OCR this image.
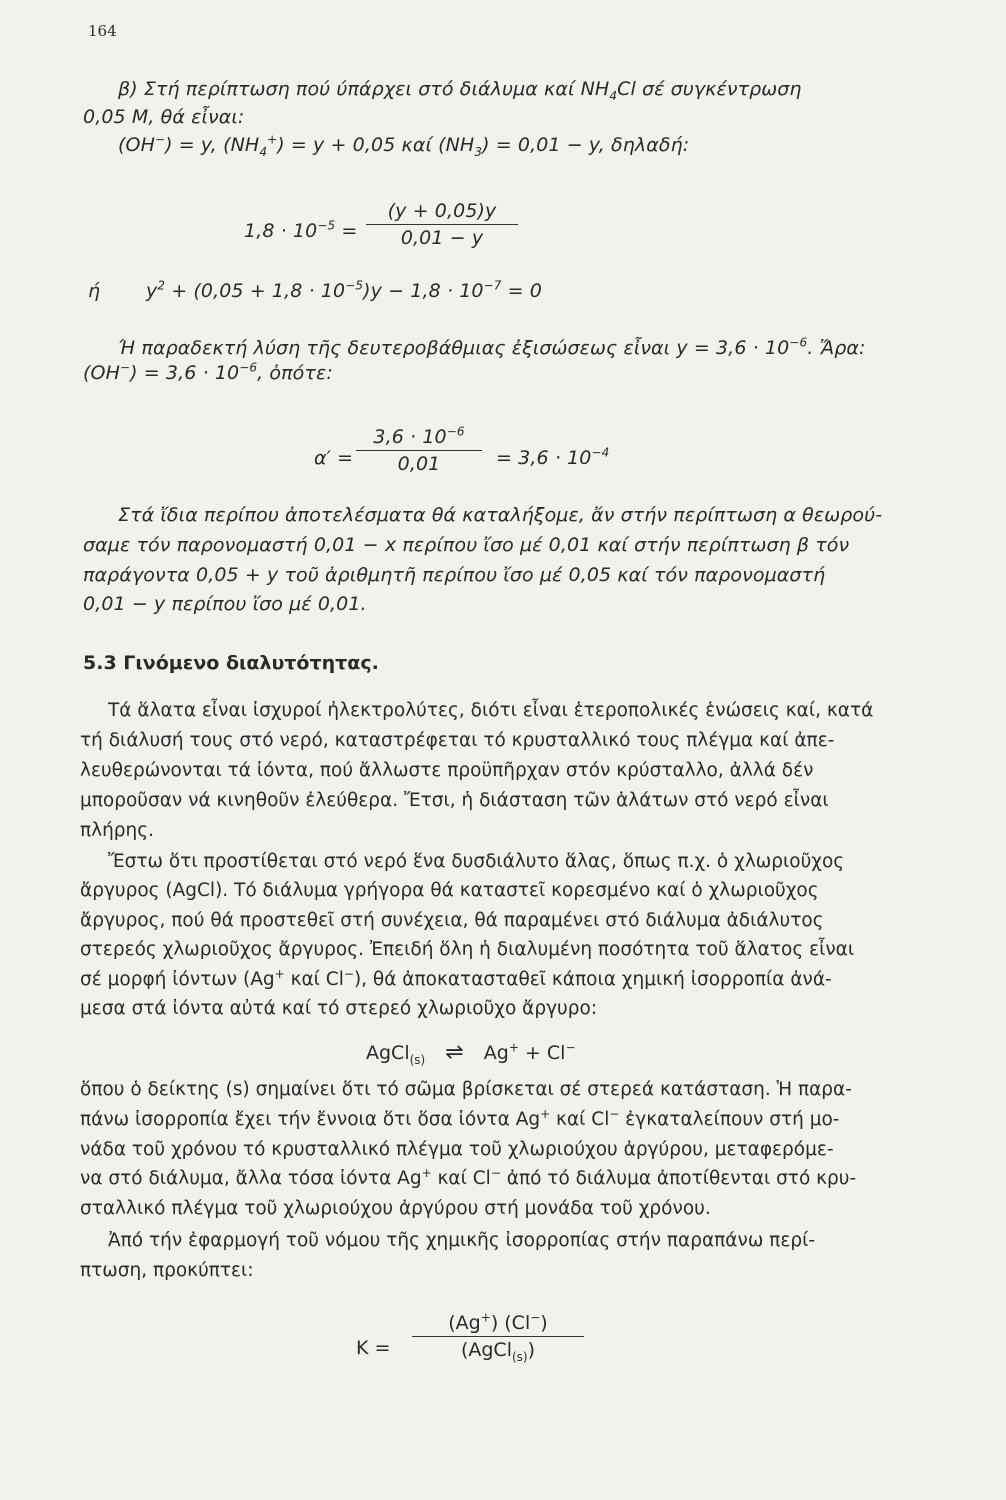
164
β) Στή περίπτωση πού ύπάρχει στό διάλυμα καί $NH_4Cl$ σέ συγκέντρωση
0,05 M, θά εἶναι:
(OH−) = y, $(NH_4^+) = y + 0,05$ καί $(NH_3) = 0,01 - y$, δηλαδή:
$1,8 \cdot 10^{-5}$ =
(y + 0,05)y
0,01 − y
ή $y^2 + (0,05 + 1,8 \cdot 10^{-5})y - 1,8 \cdot 10^{-7} = 0$
Ή παραδεκτή λύση τῆς δευτεροβάθμιας ἐξισώσεως εἶναι $y = 3,6 \cdot 10^{-6}$. Ἄρα:
$(OH^-) = 3,6 \cdot 10^{-6}$, ὁπότε:
α′ =
$3,6 \cdot 10^{-6}$
0,01	= $3,6 \cdot 10^{-4}$
Στά ἴδια περίπου ἀποτελέσματα θά καταλήξομε, ἄν στήν περίπτωση α θεωρού-
σαμε τόν παρονομαστή 0,01 − x περίπου ἴσο μέ 0,01 καί στήν περίπτωση β τόν
παράγοντα 0,05 + y τοῦ ἀριθμητῆ περίπου ἴσο μέ 0,05 καί τόν παρονομαστή
0,01 − y περίπου ἴσο μέ 0,01.
5.3 Γινόμενο διαλυτότητας.
Τά ἅλατα εἶναι ἰσχυροί ἠλεκτρολύτες, διότι εἶναι ἑτεροπολικές ἑνώσεις καί, κατά
τή διάλυσή τους στό νερό, καταστρέφεται τό κρυσταλλικό τους πλέγμα καί ἀπε-
λευθερώνονται τά ἰόντα, πού ἄλλωστε προϋπῆρχαν στόν κρύσταλλο, ἀλλά δέν
μποροῦσαν νά κινηθοῦν ἐλεύθερα. Ἔτσι, ἡ διάσταση τῶν ἁλάτων στό νερό εἶναι
πλήρης.
Ἔστω ὅτι προστίθεται στό νερό ἕνα δυσδιάλυτο ἅλας, ὅπως π.χ. ὁ χλωριοῦχος
ἄργυρος (AgCl). Τό διάλυμα γρήγορα θά καταστεῖ κορεσμένο καί ὁ χλωριοῦχος
ἄργυρος, πού θά προστεθεῖ στή συνέχεια, θά παραμένει στό διάλυμα ἀδιάλυτος
στερεός χλωριοῦχος ἄργυρος. Ἐπειδή ὅλη ἡ διαλυμένη ποσότητα τοῦ ἅλατος εἶναι
σέ μορφή ἰόντων (Ag+ καί Cl−), θά ἀποκατασταθεῖ κάποια χημική ἰσορροπία ἀνά-
μεσα στά ἰόντα αὐτά καί τό στερεό χλωριοῦχο ἄργυρο:
AgCl$_{(s)}$ ⇌ Ag+ + Cl−
ὅπου ὁ δείκτης (s) σημαίνει ὅτι τό σῶμα βρίσκεται σέ στερεά κατάσταση. Ἡ παρα-
πάνω ἰσορροπία ἔχει τήν ἔννοια ὅτι ὅσα ἰόντα Ag+ καί Cl− ἐγκαταλείπουν στή μο-
νάδα τοῦ χρόνου τό κρυσταλλικό πλέγμα τοῦ χλωριούχου ἀργύρου, μεταφερόμε-
να στό διάλυμα, ἄλλα τόσα ἰόντα Ag+ καί Cl− ἀπό τό διάλυμα ἀποτίθενται στό κρυ-
σταλλικό πλέγμα τοῦ χλωριούχου ἀργύρου στή μονάδα τοῦ χρόνου.
Ἀπό τήν ἐφαρμογή τοῦ νόμου τῆς χημικῆς ἰσορροπίας στήν παραπάνω περί-
πτωση, προκύπτει:
K =
(Ag+) (Cl−)
(AgCl$_{(s)}$)
